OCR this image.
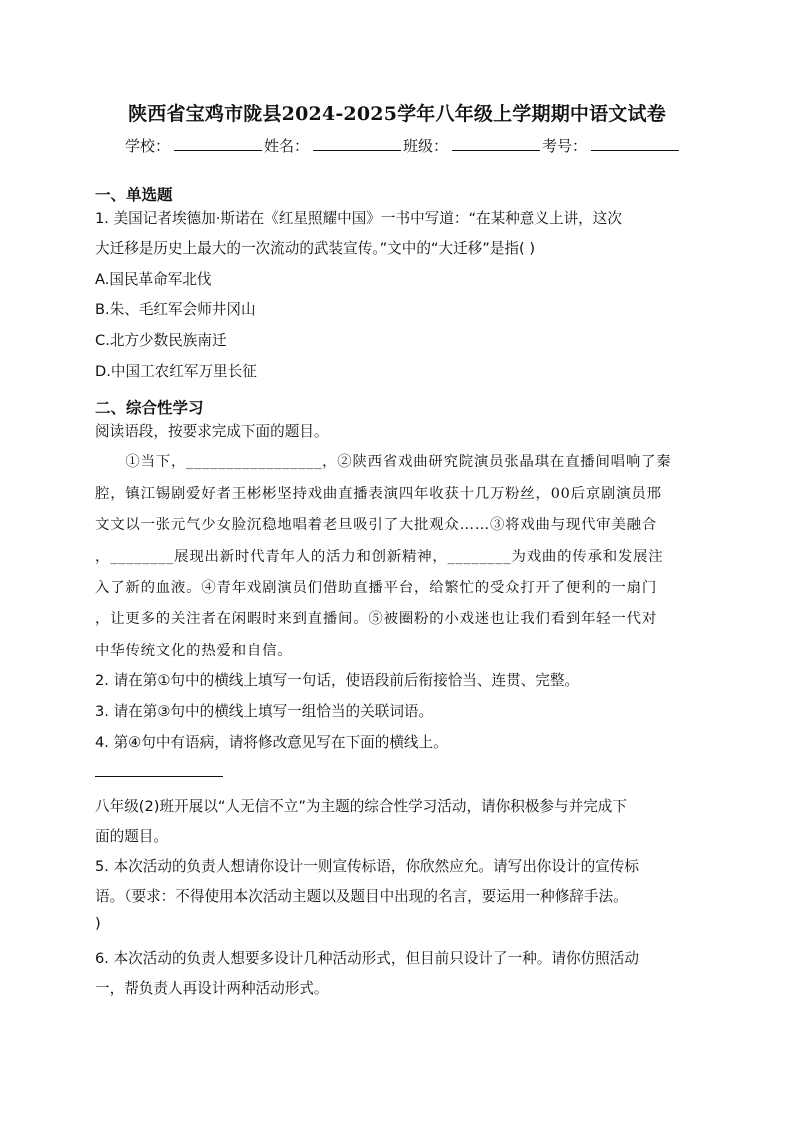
陕西省宝鸡市陇县2024-2025学年八年级上学期期中语文试卷
学校：	姓名：	班级：	考号：
一、单选题
1. 美国记者埃德加·斯诺在《红星照耀中国》一书中写道：“在某种意义上讲，这次
大迁移是历史上最大的一次流动的武装宣传。”文中的“大迁移”是指( )
A.国民革命军北伐
B.朱、毛红军会师井冈山
C.北方少数民族南迁
D.中国工农红军万里长征
二、综合性学习
阅读语段，按要求完成下面的题目。
　　①当下，_________________，②陕西省戏曲研究院演员张晶琪在直播间唱响了秦
腔，镇江锡剧爱好者王彬彬坚持戏曲直播表演四年收获十几万粉丝，00后京剧演员邢
文文以一张元气少女脸沉稳地唱着老旦吸引了大批观众……③将戏曲与现代审美融合
，________展现出新时代青年人的活力和创新精神，________为戏曲的传承和发展注
入了新的血液。④青年戏剧演员们借助直播平台，给繁忙的受众打开了便利的一扇门
，让更多的关注者在闲暇时来到直播间。⑤被圈粉的小戏迷也让我们看到年轻一代对
中华传统文化的热爱和自信。
2. 请在第①句中的横线上填写一句话，使语段前后衔接恰当、连贯、完整。
3. 请在第③句中的横线上填写一组恰当的关联词语。
4. 第④句中有语病，请将修改意见写在下面的横线上。
八年级(2)班开展以“人无信不立”为主题的综合性学习活动，请你积极参与并完成下
面的题目。
5. 本次活动的负责人想请你设计一则宣传标语，你欣然应允。请写出你设计的宣传标
语。（要求：不得使用本次活动主题以及题目中出现的名言，要运用一种修辞手法。
)
6. 本次活动的负责人想要多设计几种活动形式，但目前只设计了一种。请你仿照活动
一，帮负责人再设计两种活动形式。
